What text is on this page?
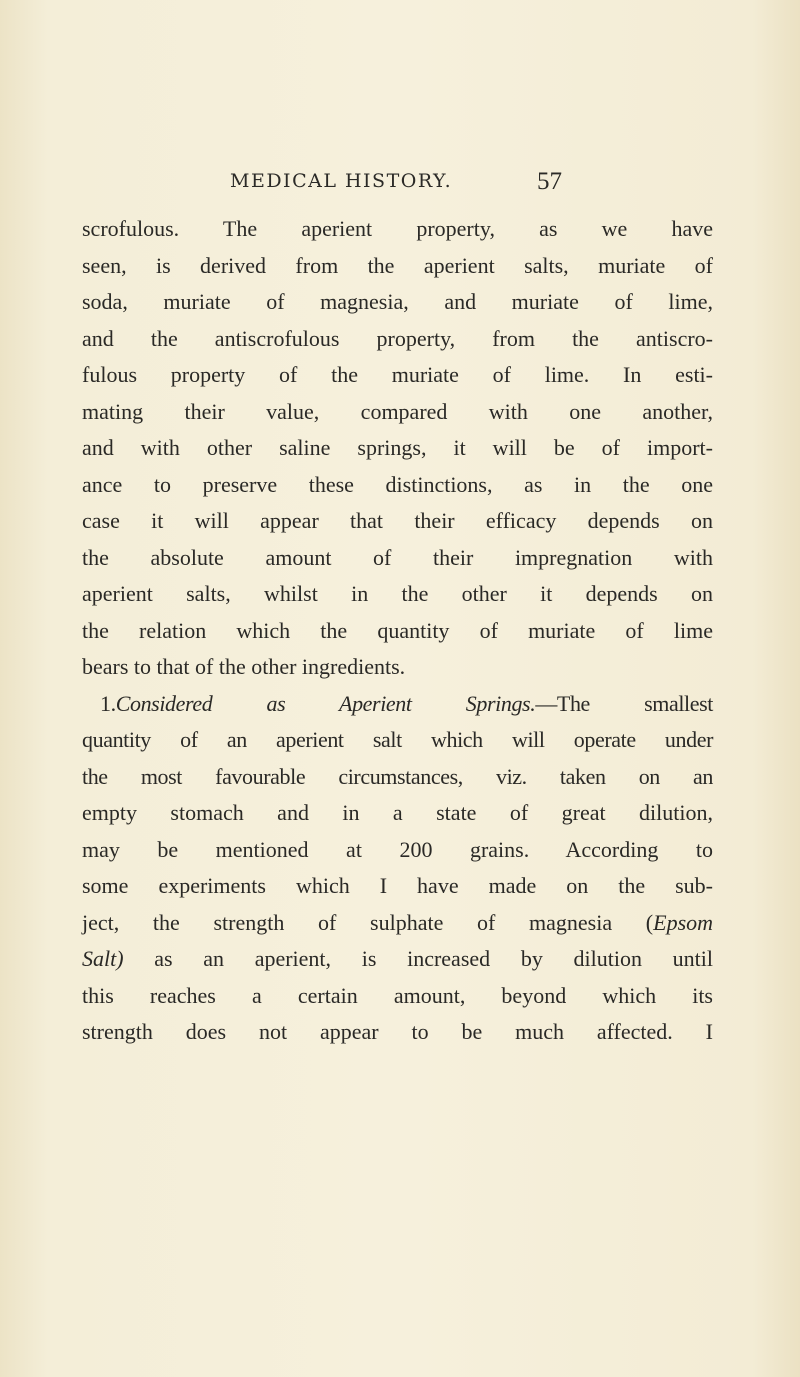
MEDICAL HISTORY.	57
scrofulous. The aperient property, as we have
seen, is derived from the aperient salts, muriate of
soda, muriate of magnesia, and muriate of lime,
and the antiscrofulous property, from the antiscro-
fulous property of the muriate of lime. In esti-
mating their value, compared with one another,
and with other saline springs, it will be of import-
ance to preserve these distinctions, as in the one
case it will appear that their efficacy depends on
the absolute amount of their impregnation with
aperient salts, whilst in the other it depends on
the relation which the quantity of muriate of lime
bears to that of the other ingredients.
1.Considered as Aperient Springs.—The smallest
quantity of an aperient salt which will operate under
the most favourable circumstances, viz. taken on an
empty stomach and in a state of great dilution,
may be mentioned at 200 grains. According to
some experiments which I have made on the sub-
ject, the strength of sulphate of magnesia (Epsom
Salt) as an aperient, is increased by dilution until
this reaches a certain amount, beyond which its
strength does not appear to be much affected. I
